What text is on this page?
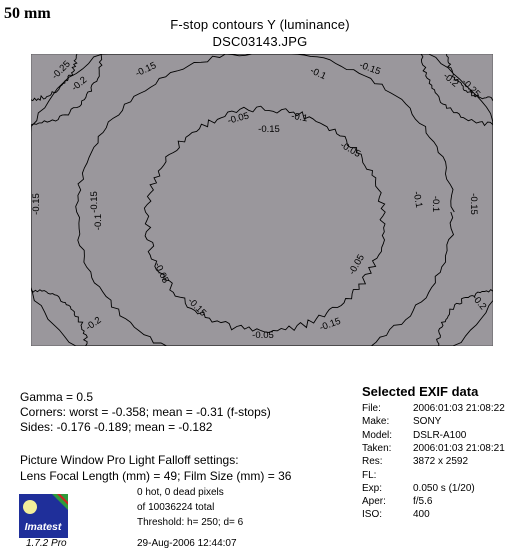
50 mm
F-stop contours Y (luminance)
DSC03143.JPG
-0.25
-0.2
-0.15	-0.1	-0.15
-0.2
-0.25
-0.05
-0.15
-0.1
-0.15
-0.1
-0.05
-0.05
-0.05
-0.15	-0.1	-0.15
-0.1
-0.05
-0.15
-0.2	-0.15
-0.2
Gamma = 0.5
Corners: worst = -0.358; mean = -0.31 (f-stops)
Sides: -0.176 -0.189; mean = -0.182
Picture Window Pro Light Falloff settings:
Lens Focal Length (mm) = 49; Film Size (mm) = 36
Imatest
1.7.2 Pro
0 hot, 0 dead pixels
of 10036224 total
Threshold: h= 250; d= 6
29-Aug-2006 12:44:07
Selected EXIF data
File:	2006:01:03 21:08:22
Make: SONY
Model: DSLR-A100
Taken: 2006:01:03 21:08:21
Res:	3872 x 2592
FL:
Exp:	0.050 s (1/20)
Aper:	f/5.6
ISO:	400
